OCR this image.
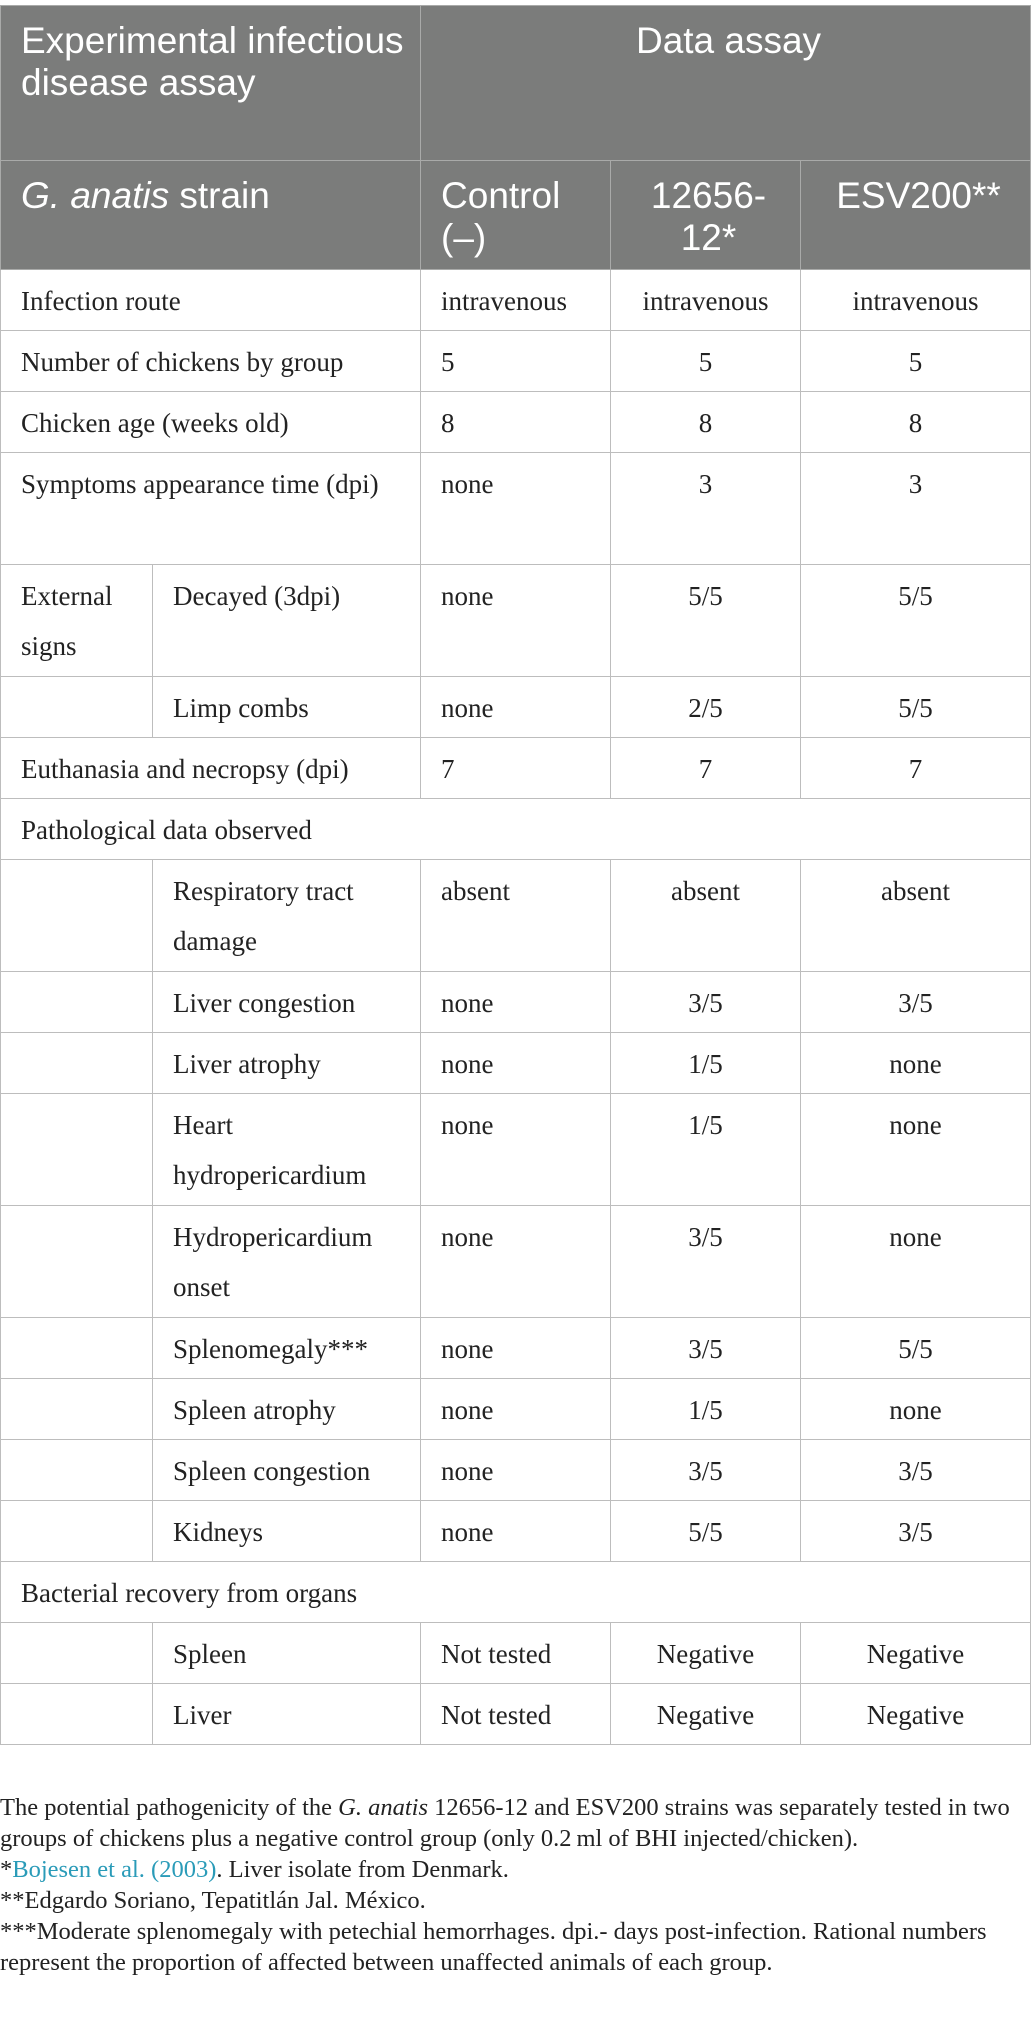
Experimental infectious disease assay		Data assay		
G. anatis strain		Control (–)	12656-12*	ESV200**
Infection route		intravenous	intravenous	intravenous
Number of chickens by group		5	5	5
Chicken age (weeks old)		8	8	8
Symptoms appearance time (dpi)		none	3	3
External signs	Decayed (3dpi)	none	5/5	5/5
	Limp combs	none	2/5	5/5
Euthanasia and necropsy (dpi)		7	7	7
Pathological data observed				
	Respiratory tract damage	absent	absent	absent
	Liver congestion	none	3/5	3/5
	Liver atrophy	none	1/5	none
	Heart hydropericardium	none	1/5	none
	Hydropericardium onset	none	3/5	none
	Splenomegaly***	none	3/5	5/5
	Spleen atrophy	none	1/5	none
	Spleen congestion	none	3/5	3/5
	Kidneys	none	5/5	3/5
Bacterial recovery from organs				
	Spleen	Not tested	Negative	Negative
	Liver	Not tested	Negative	Negative

The potential pathogenicity of the G. anatis 12656-12 and ESV200 strains was separately tested in two groups of chickens plus a negative control group (only 0.2 ml of BHI injected/chicken).

*Bojesen et al. (2003). Liver isolate from Denmark.

**Edgardo Soriano, Tepatitlán Jal. México.

***Moderate splenomegaly with petechial hemorrhages. dpi.- days post-infection. Rational numbers represent the proportion of affected between unaffected animals of each group.
